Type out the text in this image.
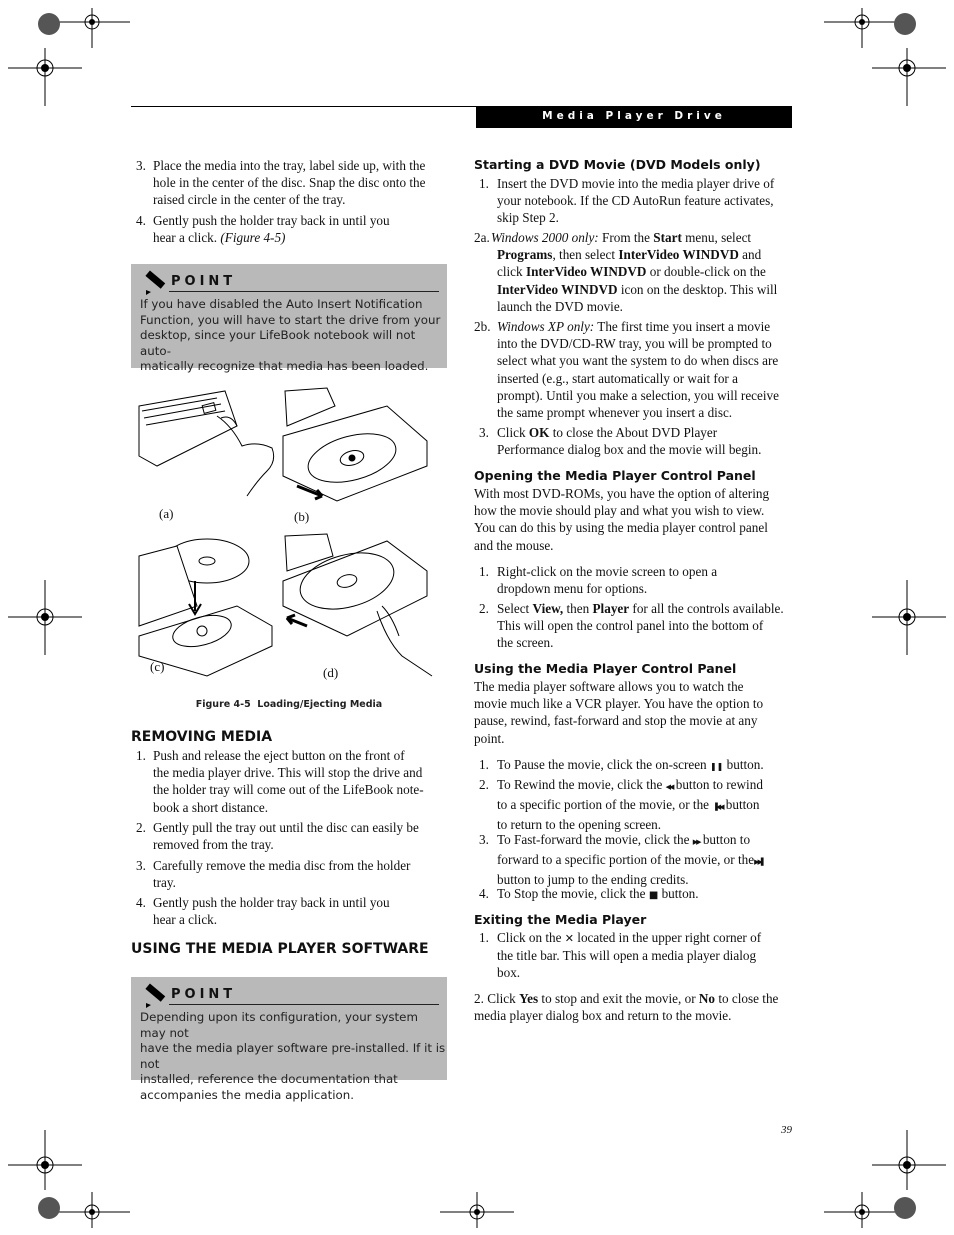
Media Player Drive
3. Place the media into the tray, label side up, with the
hole in the center of the disc. Snap the disc onto the
raised circle in the center of the tray.
4. Gently push the holder tray back in until you
hear a click. (Figure 4-5)
POINT
If you have disabled the Auto Insert Notification
Function, you will have to start the drive from your
desktop, since your LifeBook notebook will not auto-
matically recognize that media has been loaded.
(a)	(b)
(c)	(d)
Figure 4-5  Loading/Ejecting Media
REMOVING MEDIA
1. Push and release the eject button on the front of
the media player drive. This will stop the drive and
the holder tray will come out of the LifeBook note-
book a short distance.
2. Gently pull the tray out until the disc can easily be
removed from the tray.
3. Carefully remove the media disc from the holder
tray.
4. Gently push the holder tray back in until you
hear a click.
USING THE MEDIA PLAYER SOFTWARE
POINT
Depending upon its configuration, your system may not
have the media player software pre-installed. If it is not
installed, reference the documentation that
accompanies the media application.
Starting a DVD Movie (DVD Models only)
1. Insert the DVD movie into the media player drive of
your notebook. If the CD AutoRun feature activates,
skip Step 2.
2a. Windows 2000 only: From the Start menu, select
Programs, then select InterVideo WINDVD and
click InterVideo WINDVD or double-click on the
InterVideo WINDVD icon on the desktop. This will
launch the DVD movie.
2b. Windows XP only: The first time you insert a movie
into the DVD/CD-RW tray, you will be prompted to
select what you want the system to do when discs are
inserted (e.g., start automatically or wait for a
prompt). Until you make a selection, you will receive
the same prompt whenever you insert a disc.
3. Click OK to close the About DVD Player
Performance dialog box and the movie will begin.
Opening the Media Player Control Panel
With most DVD-ROMs, you have the option of altering
how the movie should play and what you wish to view.
You can do this by using the media player control panel
and the mouse.
1. Right-click on the movie screen to open a
dropdown menu for options.
2. Select View, then Player for all the controls available.
This will open the control panel into the bottom of
the screen.
Using the Media Player Control Panel
The media player software allows you to watch the
movie much like a VCR player. You have the option to
pause, rewind, fast-forward and stop the movie at any
point.
1. To Pause the movie, click the on-screen ❚❚ button.
2. To Rewind the movie, click the ◀◀ button to rewind
to a specific portion of the movie, or the ▐◀◀ button
to return to the opening screen.
3. To Fast-forward the movie, click the ▶▶ button to
forward to a specific portion of the movie, or the▶▶▌
button to jump to the ending credits.
4. To Stop the movie, click the ■ button.
Exiting the Media Player
1. Click on the ✕ located in the upper right corner of
the title bar. This will open a media player dialog
box.
2. Click Yes to stop and exit the movie, or No to close the
media player dialog box and return to the movie.
39
